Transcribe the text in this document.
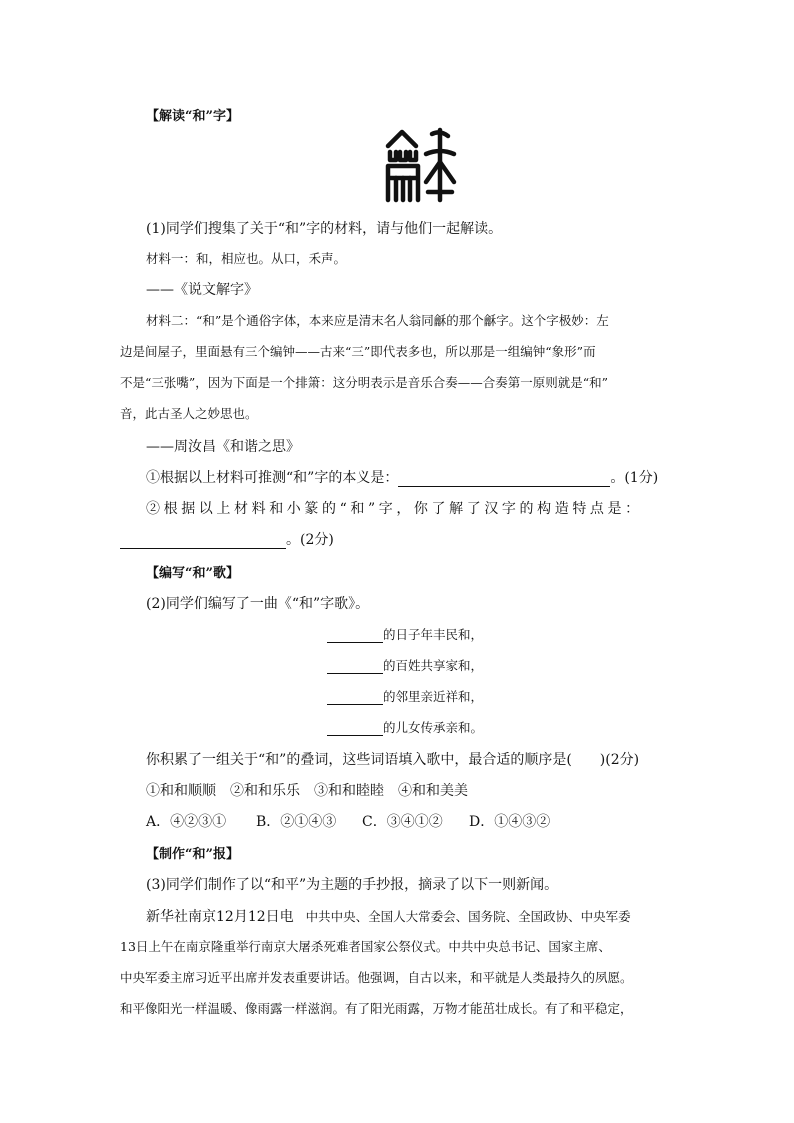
【解读“和”字】
(1)同学们搜集了关于“和”字的材料，请与他们一起解读。
材料一：和，相应也。从口，禾声。
——《说文解字》
材料二：“和”是个通俗字体，本来应是清末名人翁同龢的那个龢字。这个字极妙：左
边是间屋子，里面悬有三个编钟——古来“三”即代表多也，所以那是一组编钟“象形”而
不是“三张嘴”，因为下面是一个排箫：这分明表示是音乐合奏——合奏第一原则就是“和”
音，此古圣人之妙思也。
——周汝昌《和谐之思》
①根据以上材料可推测“和”字的本义是：	。(1分)
②根据以上材料和小篆的“和”字，你了解了汉字的构造特点是：
。(2分)
【编写“和”歌】
(2)同学们编写了一曲《“和”字歌》。
的日子年丰民和，
的百姓共享家和，
的邻里亲近祥和，
的儿女传承亲和。
你积累了一组关于“和”的叠词，这些词语填入歌中，最合适的顺序是(　　)(2分)
①和和顺顺　②和和乐乐　③和和睦睦　④和和美美
A．④②③① B．②①④③ C．③④①② D．①④③②
【制作“和”报】
(3)同学们制作了以“和平”为主题的手抄报，摘录了以下一则新闻。
新华社南京12月12日电 中共中央、全国人大常委会、国务院、全国政协、中央军委
13日上午在南京隆重举行南京大屠杀死难者国家公祭仪式。中共中央总书记、国家主席、
中央军委主席习近平出席并发表重要讲话。他强调，自古以来，和平就是人类最持久的夙愿。
和平像阳光一样温暖、像雨露一样滋润。有了阳光雨露，万物才能茁壮成长。有了和平稳定，
